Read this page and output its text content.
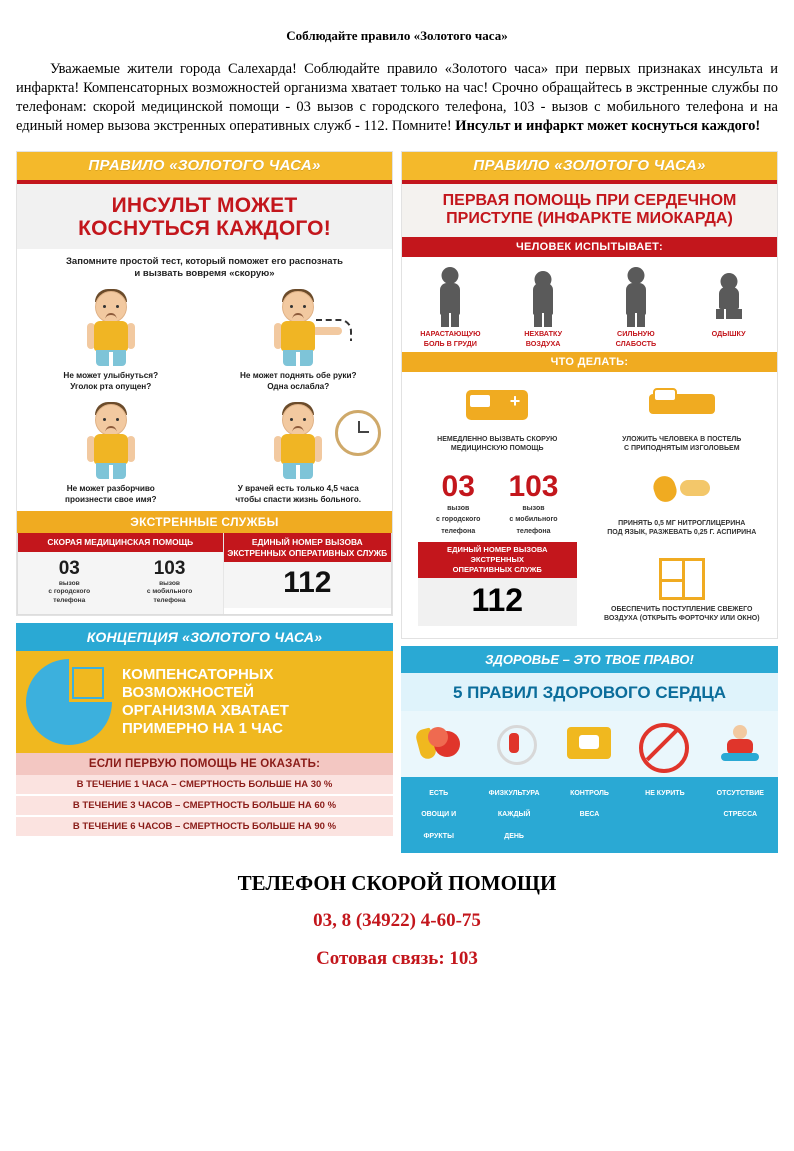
Соблюдайте правило «Золотого часа»

Уважаемые жители города Салехарда! Соблюдайте правило «Золотого часа» при первых признаках инсульта и инфаркта! Компенсаторных возможностей организма хватает только на час! Срочно обращайтесь в экстренные службы по телефонам: скорой медицинской помощи - 03 вызов с городского телефона, 103 - вызов с мобильного телефона и на единый номер вызова экстренных оперативных служб - 112. Помните! Инсульт и инфаркт может коснуться каждого!

ПРАВИЛО «ЗОЛОТОГО ЧАСА»
ИНСУЛЬТ МОЖЕТ
КОСНУТЬСЯ КАЖДОГО!
Запомните простой тест, который поможет его распознать
и вызвать вовремя «скорую»
Не может улыбнуться?
Уголок рта опущен?
Не может поднять обе руки?
Одна ослабла?
Не может разборчиво
произнести свое имя?
У врачей есть только 4,5 часа
чтобы спасти жизнь больного.
ЭКСТРЕННЫЕ СЛУЖБЫ
СКОРАЯ МЕДИЦИНСКАЯ ПОМОЩЬ
03
вызов
с городского
телефона
103
вызов
с мобильного
телефона
ЕДИНЫЙ НОМЕР ВЫЗОВА ЭКСТРЕННЫХ ОПЕРАТИВНЫХ СЛУЖБ
112
КОНЦЕПЦИЯ «ЗОЛОТОГО ЧАСА»
КОМПЕНСАТОРНЫХ
ВОЗМОЖНОСТЕЙ
ОРГАНИЗМА ХВАТАЕТ
ПРИМЕРНО НА 1 ЧАС
ЕСЛИ ПЕРВУЮ ПОМОЩЬ НЕ ОКАЗАТЬ:
В ТЕЧЕНИЕ 1 ЧАСА – СМЕРТНОСТЬ БОЛЬШЕ НА 30 %
В ТЕЧЕНИЕ 3 ЧАСОВ – СМЕРТНОСТЬ БОЛЬШЕ НА 60 %
В ТЕЧЕНИЕ 6 ЧАСОВ – СМЕРТНОСТЬ БОЛЬШЕ НА 90 %
ПРАВИЛО «ЗОЛОТОГО ЧАСА»
ПЕРВАЯ ПОМОЩЬ ПРИ СЕРДЕЧНОМ
ПРИСТУПЕ (ИНФАРКТЕ МИОКАРДА)
ЧЕЛОВЕК ИСПЫТЫВАЕТ:
НАРАСТАЮЩУЮ
БОЛЬ В ГРУДИ
НЕХВАТКУ
ВОЗДУХА
СИЛЬНУЮ
СЛАБОСТЬ
ОДЫШКУ
ЧТО ДЕЛАТЬ:
+
НЕМЕДЛЕННО ВЫЗВАТЬ СКОРУЮ
МЕДИЦИНСКУЮ ПОМОЩЬ
УЛОЖИТЬ ЧЕЛОВЕКА В ПОСТЕЛЬ
С ПРИПОДНЯТЫМ ИЗГОЛОВЬЕМ
03
вызов
с городского
телефона
103
вызов
с мобильного
телефона
ЕДИНЫЙ НОМЕР ВЫЗОВА ЭКСТРЕННЫХ
ОПЕРАТИВНЫХ СЛУЖБ
112
ПРИНЯТЬ 0,5 МГ НИТРОГЛИЦЕРИНА
ПОД ЯЗЫК, РАЗЖЕВАТЬ 0,25 Г. АСПИРИНА
ОБЕСПЕЧИТЬ ПОСТУПЛЕНИЕ СВЕЖЕГО
ВОЗДУХА (ОТКРЫТЬ ФОРТОЧКУ ИЛИ ОКНО)
ЗДОРОВЬЕ – ЭТО ТВОЕ ПРАВО!
5 ПРАВИЛ ЗДОРОВОГО СЕРДЦА
ЕСТЬ
ОВОЩИ И
ФРУКТЫ
ФИЗКУЛЬТУРА
КАЖДЫЙ
ДЕНЬ
КОНТРОЛЬ
ВЕСА
НЕ КУРИТЬ	ОТСУТСТВИЕ
СТРЕССА
ТЕЛЕФОН СКОРОЙ ПОМОЩИ
03, 8 (34922) 4-60-75
Сотовая связь: 103
